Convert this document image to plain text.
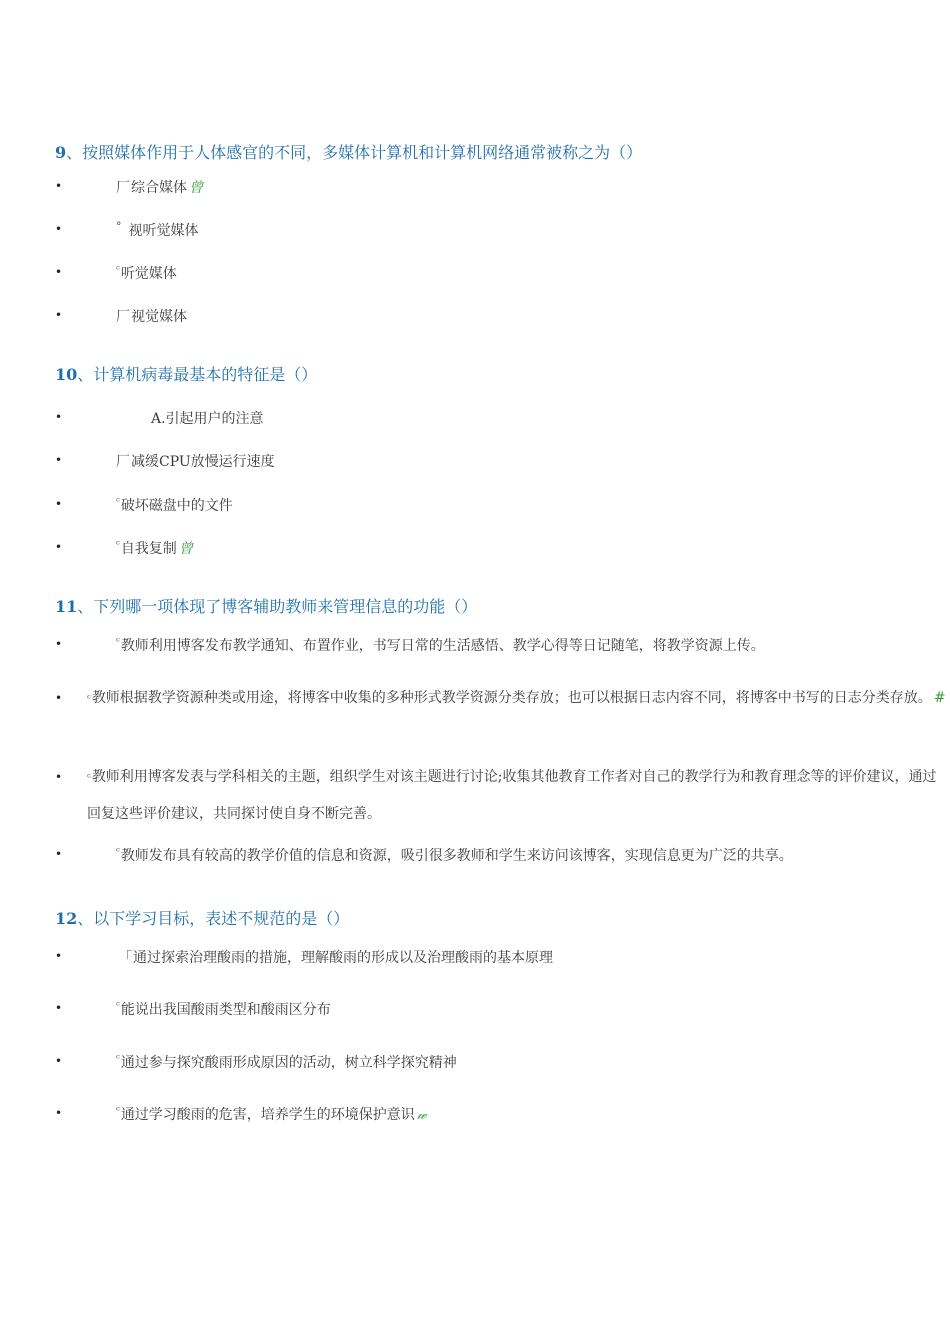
9、按照媒体作用于人体感官的不同，多媒体计算机和计算机网络通常被称之为（）
•	厂综合媒体 曾
•	° 视听觉媒体
•	$^ᶜ$听觉媒体
•	厂视觉媒体
10、计算机病毒最基本的特征是（）
•	A.引起用户的注意
•	厂减缓CPU放慢运行速度
•	$^ᶜ$破坏磁盘中的文件
•	$^ᶜ$自我复制 曾
11、下列哪一项体现了博客辅助教师来管理信息的功能（）
•	$^ᶜ$教师利用博客发布教学通知、布置作业，书写日常的生活感悟、教学心得等日记随笔，将教学资源上传。
• $^ᶜ$教师根据教学资源种类或用途，将博客中收集的多种形式教学资源分类存放；也可以根据日志内容不同，将博客中书写的日志分类存放。 #
• $^ᶜ$教师利用博客发表与学科相关的主题，组织学生对该主题进行讨论;收集其他教育工作者对自己的教学行为和教育理念等的评价建议，通过回复这些评价建议，共同探讨使自身不断完善。
•	$^ᶜ$教师发布具有较高的教学价值的信息和资源，吸引很多教师和学生来访问该博客，实现信息更为广泛的共享。
12、以下学习目标，表述不规范的是（）
•	「通过探索治理酸雨的措施，理解酸雨的形成以及治理酸雨的基本原理
•	$^ᶜ$能说出我国酸雨类型和酸雨区分布
•	$^ᶜ$通过参与探究酸雨形成原因的活动，树立科学探究精神
•	$^ᶜ$通过学习酸雨的危害，培养学生的环境保护意识 𝓌
